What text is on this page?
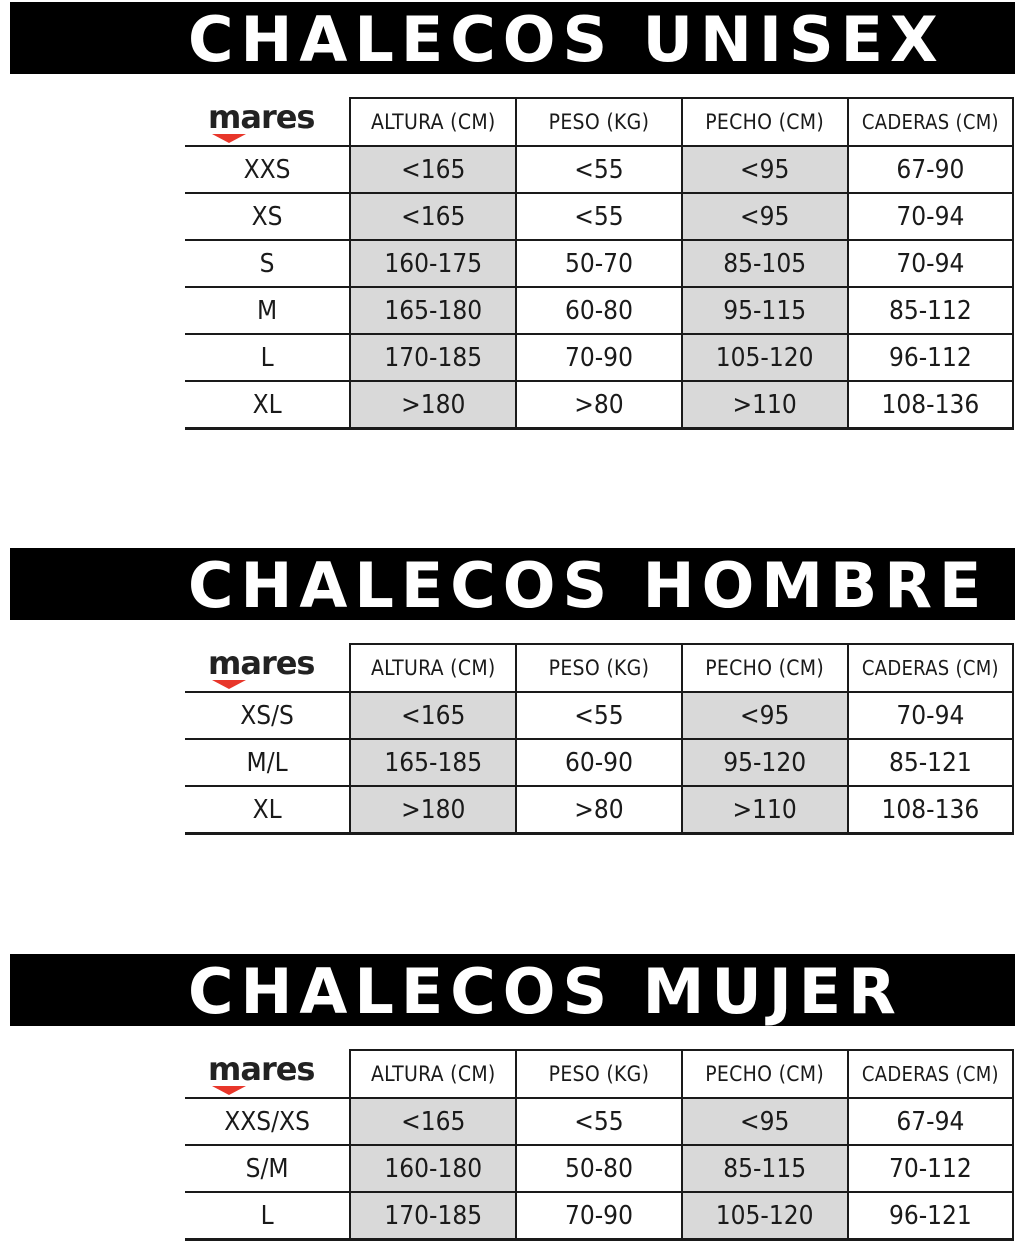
CHALECOS UNISEX
	ALTURA (CM)	PESO (KG)	PECHO (CM)	CADERAS (CM)
XXS	<165	<55	<95	67-90
XS	<165	<55	<95	70-94
S	160-175	50-70	85-105	70-94
M	165-180	60-80	95-115	85-112
L	170-185	70-90	105-120	96-112
XL	>180	>80	>110	108-136
mares
CHALECOS HOMBRE
	ALTURA (CM)	PESO (KG)	PECHO (CM)	CADERAS (CM)
XS/S	<165	<55	<95	70-94
M/L	165-185	60-90	95-120	85-121
XL	>180	>80	>110	108-136
mares
CHALECOS MUJER
	ALTURA (CM)	PESO (KG)	PECHO (CM)	CADERAS (CM)
XXS/XS	<165	<55	<95	67-94
S/M	160-180	50-80	85-115	70-112
L	170-185	70-90	105-120	96-121
mares
